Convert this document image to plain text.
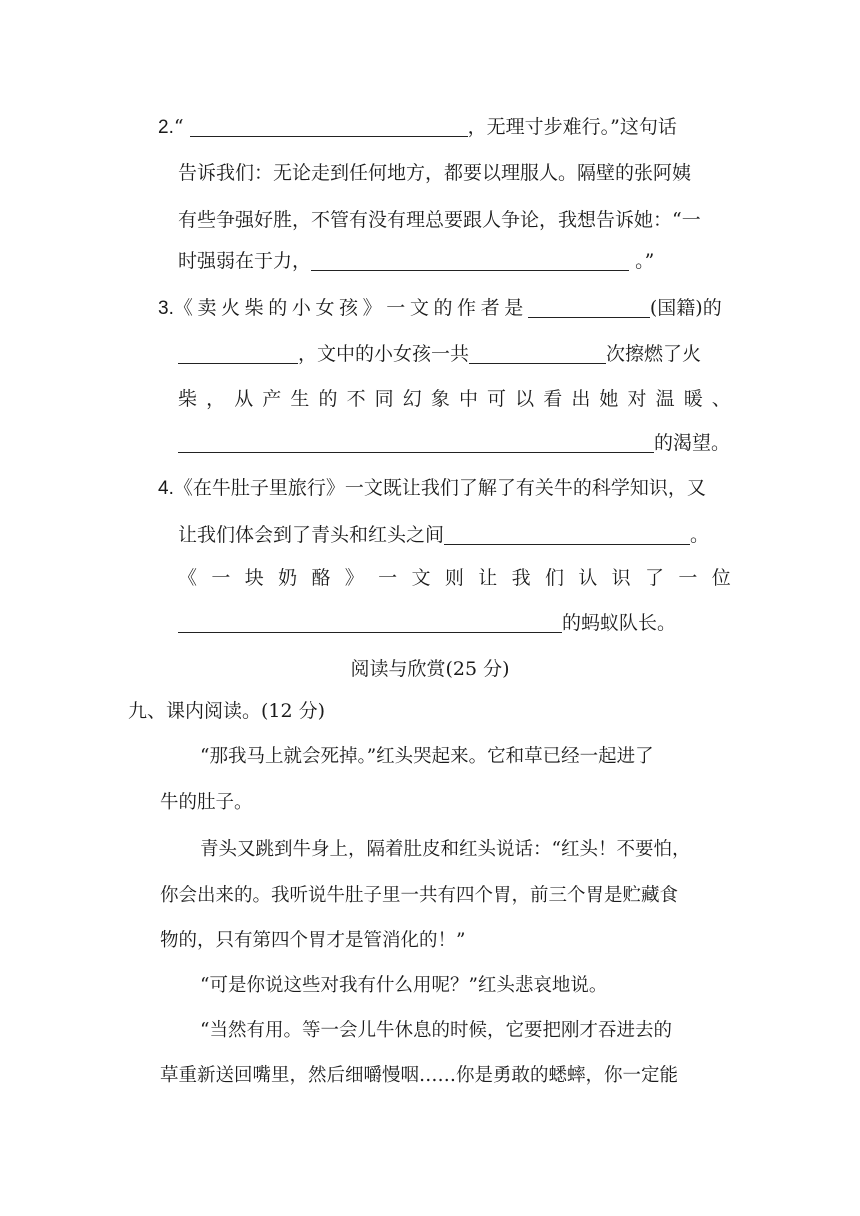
2.“	，无理寸步难行。”这句话
告诉我们：无论走到任何地方，都要以理服人。隔壁的张阿姨
有些争强好胜，不管有没有理总要跟人争论，我想告诉她：“一
时强弱在于力，	。”
3.《卖火柴的小女孩》一文的作者是	(国籍)的
，文中的小女孩一共	次擦燃了火
柴 ， 从 产 生 的 不 同 幻 象 中 可 以 看 出 她 对 温 暖 、
的渴望。
4.《在牛肚子里旅行》一文既让我们了解了有关牛的科学知识，又
让我们体会到了青头和红头之间	。
《 一 块 奶 酪 》 一 文 则 让 我 们 认 识 了 一 位
的蚂蚁队长。
阅读与欣赏(25 分)
九、课内阅读。(12 分)
“那我马上就会死掉。”红头哭起来。它和草已经一起进了
牛的肚子。
青头又跳到牛身上，隔着肚皮和红头说话：“红头！不要怕，
你会出来的。我听说牛肚子里一共有四个胃，前三个胃是贮藏食
物的，只有第四个胃才是管消化的！”
“可是你说这些对我有什么用呢？”红头悲哀地说。
“当然有用。等一会儿牛休息的时候，它要把刚才吞进去的
草重新送回嘴里，然后细嚼慢咽……你是勇敢的蟋蟀，你一定能
